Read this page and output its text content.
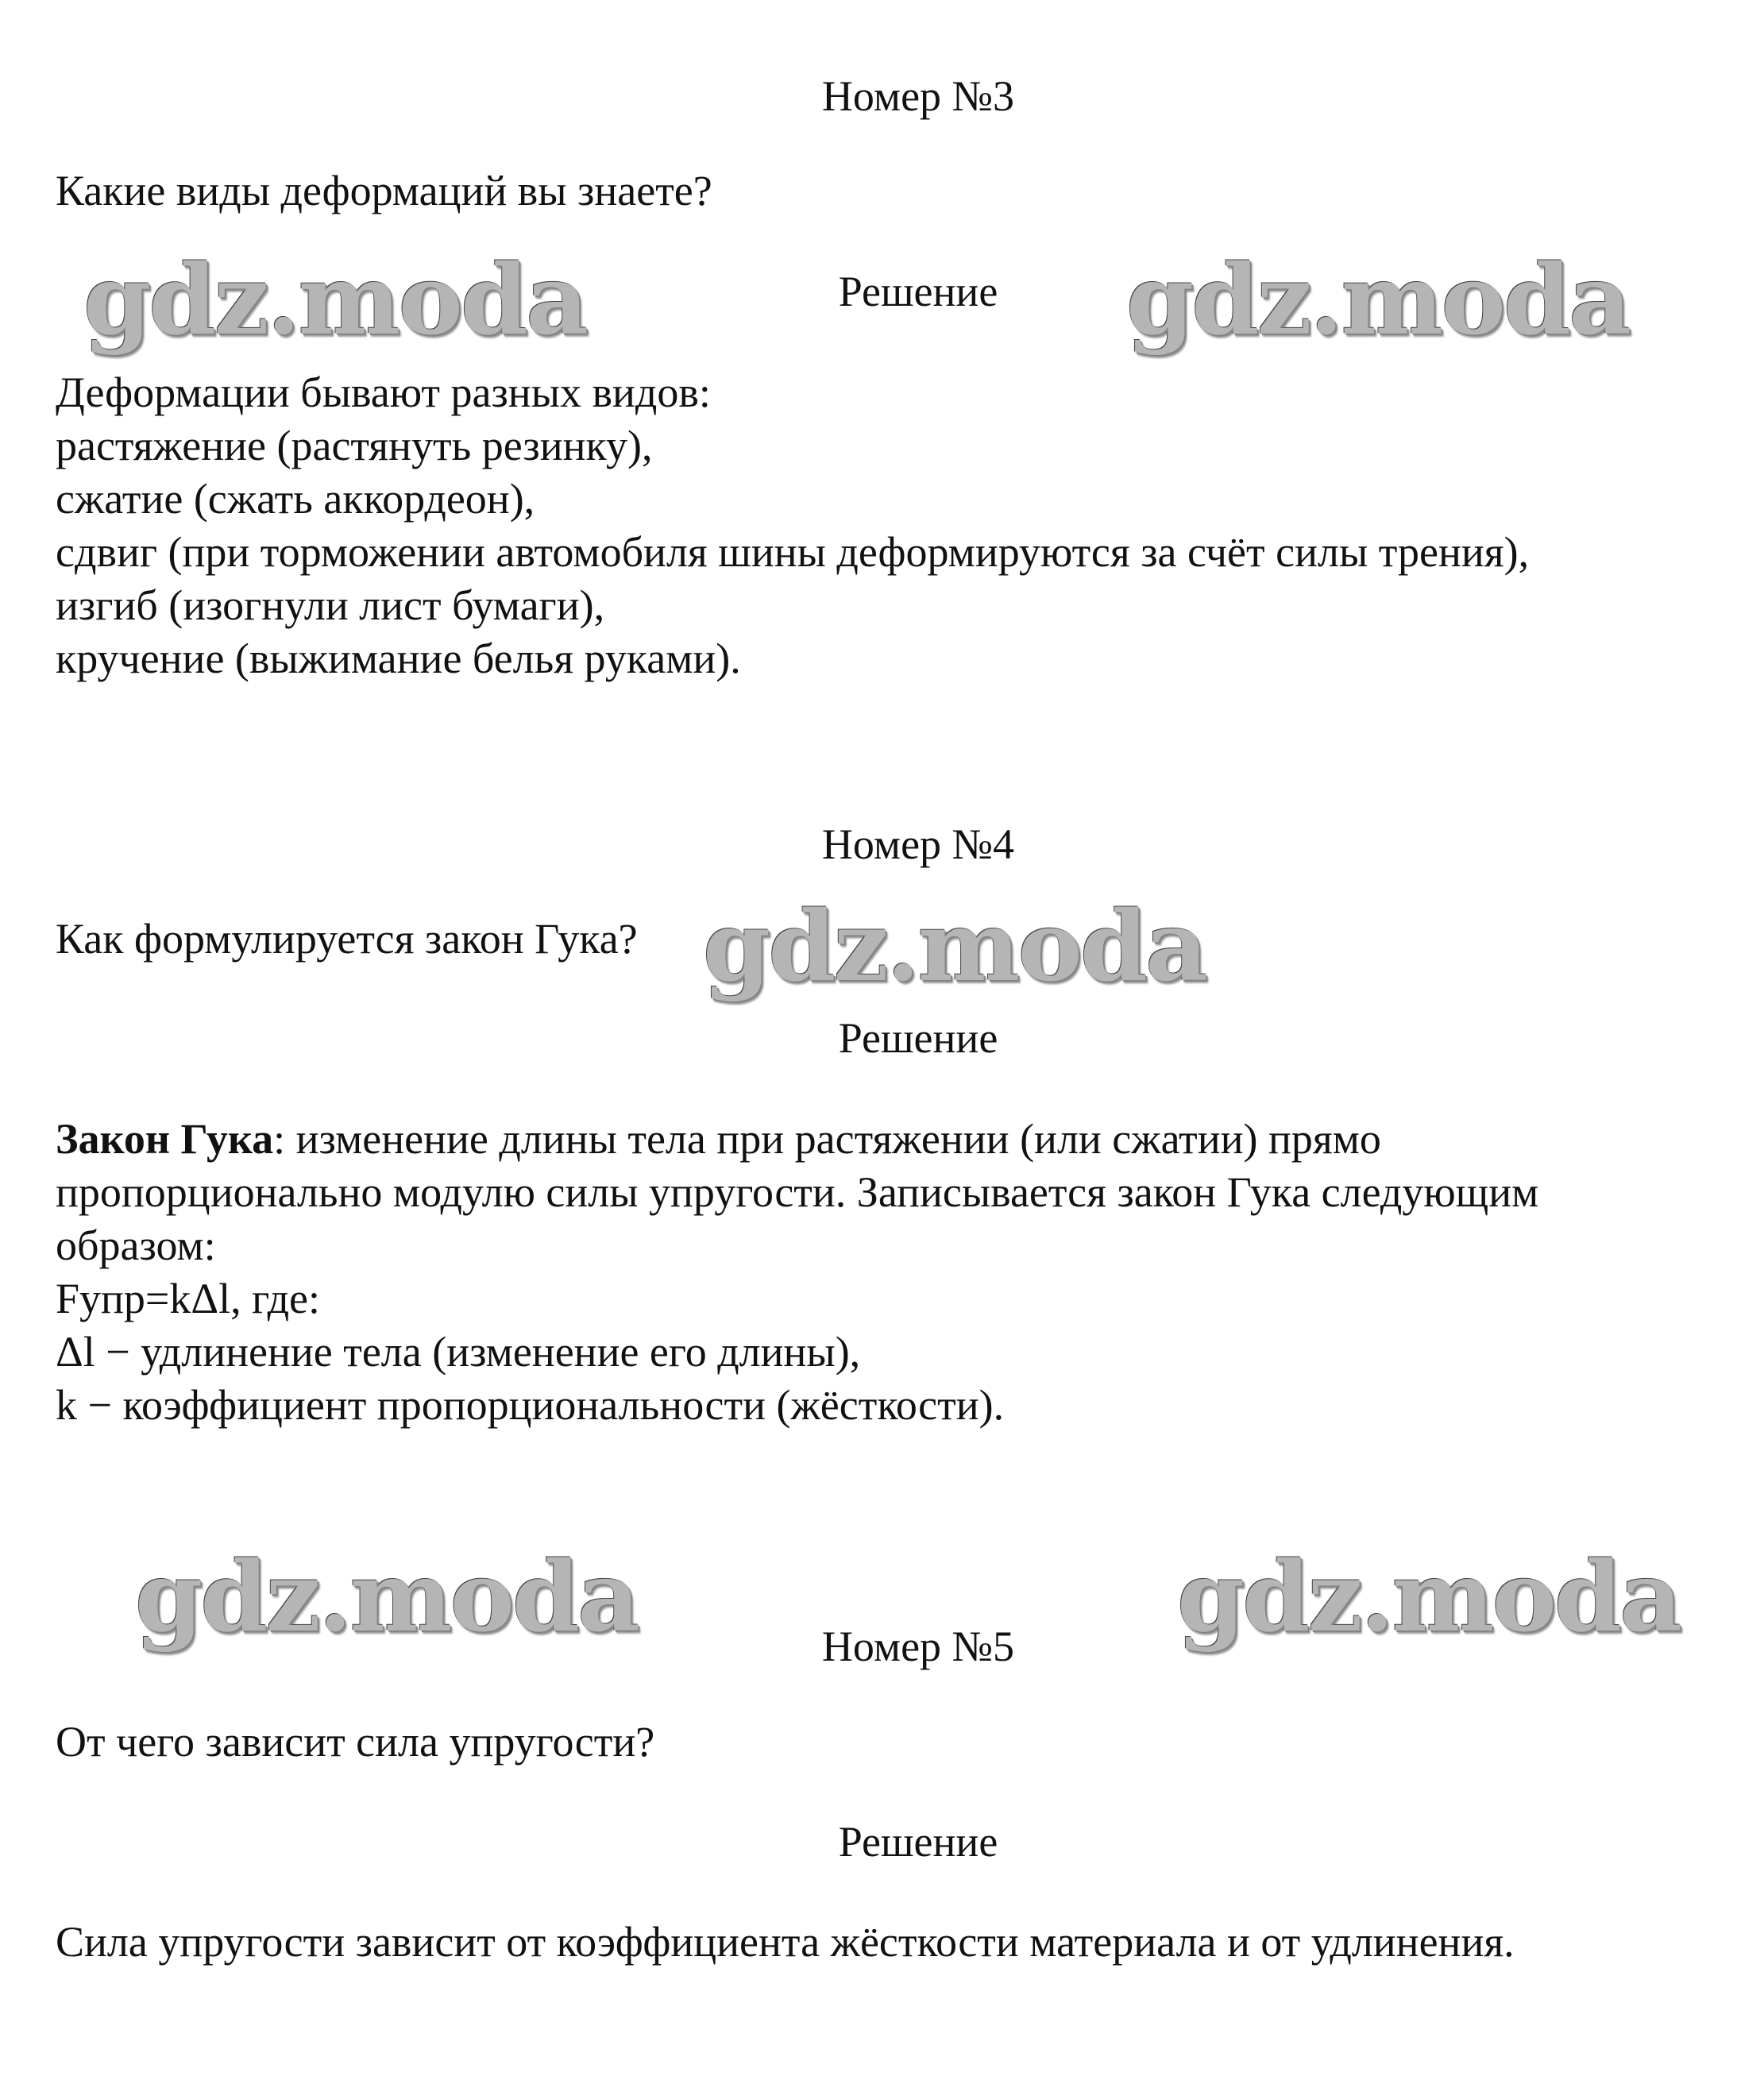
Номер №3
Какие виды деформаций вы знаете?
gdz.moda	Решение	gdz.moda
Деформации бывают разных видов:
растяжение (растянуть резинку),
сжатие (сжать аккордеон),
сдвиг (при торможении автомобиля шины деформируются за счёт силы трения),
изгиб (изогнули лист бумаги),
кручение (выжимание белья руками).
Номер №4
Как формулируется закон Гука? gdz.moda
Решение
Закон Гука: изменение длины тела при растяжении (или сжатии) прямо
пропорционально модулю силы упругости. Записывается закон Гука следующим
образом:
Fупр=kΔl, где:
Δl − удлинение тела (изменение его длины),
k − коэффициент пропорциональности (жёсткости).
gdz.moda	gdz.moda
Номер №5
От чего зависит сила упругости?
Решение
Сила упругости зависит от коэффициента жёсткости материала и от удлинения.
